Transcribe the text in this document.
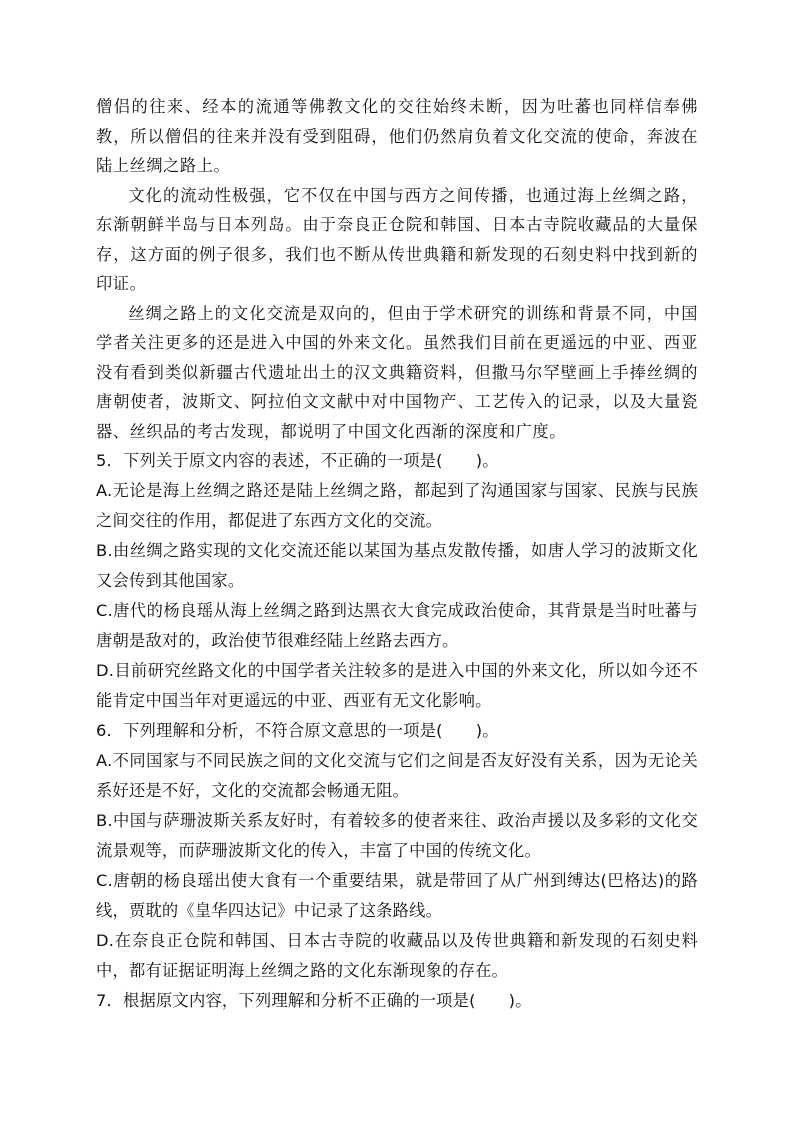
僧侣的往来、经本的流通等佛教文化的交往始终未断，因为吐蕃也同样信奉佛教，所以僧侣的往来并没有受到阻碍，他们仍然肩负着文化交流的使命，奔波在陆上丝绸之路上。

文化的流动性极强，它不仅在中国与西方之间传播，也通过海上丝绸之路，东渐朝鲜半岛与日本列岛。由于奈良正仓院和韩国、日本古寺院收藏品的大量保存，这方面的例子很多，我们也不断从传世典籍和新发现的石刻史料中找到新的印证。

丝绸之路上的文化交流是双向的，但由于学术研究的训练和背景不同，中国学者关注更多的还是进入中国的外来文化。虽然我们目前在更遥远的中亚、西亚没有看到类似新疆古代遗址出土的汉文典籍资料，但撒马尔罕壁画上手捧丝绸的唐朝使者，波斯文、阿拉伯文文献中对中国物产、工艺传入的记录，以及大量瓷器、丝织品的考古发现，都说明了中国文化西渐的深度和广度。

5．下列关于原文内容的表述，不正确的一项是(　　)。

A.无论是海上丝绸之路还是陆上丝绸之路，都起到了沟通国家与国家、民族与民族之间交往的作用，都促进了东西方文化的交流。

B.由丝绸之路实现的文化交流还能以某国为基点发散传播，如唐人学习的波斯文化又会传到其他国家。

C.唐代的杨良瑶从海上丝绸之路到达黑衣大食完成政治使命，其背景是当时吐蕃与唐朝是敌对的，政治使节很难经陆上丝路去西方。

D.目前研究丝路文化的中国学者关注较多的是进入中国的外来文化，所以如今还不能肯定中国当年对更遥远的中亚、西亚有无文化影响。

6．下列理解和分析，不符合原文意思的一项是(　　)。

A.不同国家与不同民族之间的文化交流与它们之间是否友好没有关系，因为无论关系好还是不好，文化的交流都会畅通无阻。

B.中国与萨珊波斯关系友好时，有着较多的使者来往、政治声援以及多彩的文化交流景观等，而萨珊波斯文化的传入，丰富了中国的传统文化。

C.唐朝的杨良瑶出使大食有一个重要结果，就是带回了从广州到缚达(巴格达)的路线，贾耽的《皇华四达记》中记录了这条路线。

D.在奈良正仓院和韩国、日本古寺院的收藏品以及传世典籍和新发现的石刻史料中，都有证据证明海上丝绸之路的文化东渐现象的存在。

7．根据原文内容，下列理解和分析不正确的一项是(　　)。
